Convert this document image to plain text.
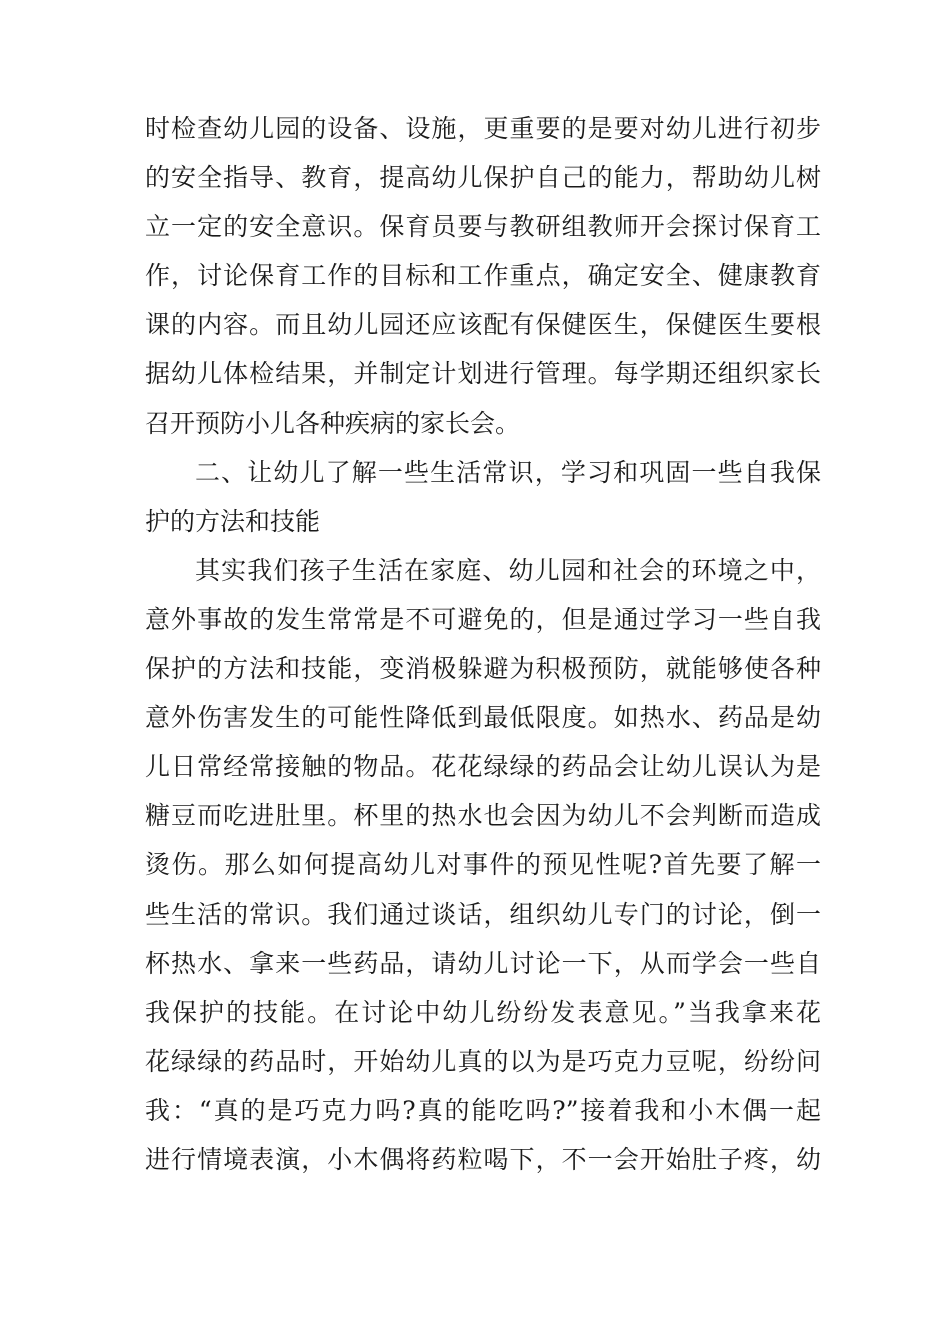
时检查幼儿园的设备、设施，更重要的是要对幼儿进行初步
的安全指导、教育，提高幼儿保护自己的能力，帮助幼儿树
立一定的安全意识。保育员要与教研组教师开会探讨保育工
作，讨论保育工作的目标和工作重点，确定安全、健康教育
课的内容。而且幼儿园还应该配有保健医生，保健医生要根
据幼儿体检结果，并制定计划进行管理。每学期还组织家长
召开预防小儿各种疾病的家长会。
二、让幼儿了解一些生活常识，学习和巩固一些自我保
护的方法和技能
其实我们孩子生活在家庭、幼儿园和社会的环境之中，
意外事故的发生常常是不可避免的，但是通过学习一些自我
保护的方法和技能，变消极躲避为积极预防，就能够使各种
意外伤害发生的可能性降低到最低限度。如热水、药品是幼
儿日常经常接触的物品。花花绿绿的药品会让幼儿误认为是
糖豆而吃进肚里。杯里的热水也会因为幼儿不会判断而造成
烫伤。那么如何提高幼儿对事件的预见性呢?首先要了解一
些生活的常识。我们通过谈话，组织幼儿专门的讨论，倒一
杯热水、拿来一些药品，请幼儿讨论一下，从而学会一些自
我保护的技能。在讨论中幼儿纷纷发表意见。”当我拿来花
花绿绿的药品时，开始幼儿真的以为是巧克力豆呢，纷纷问
我：“真的是巧克力吗?真的能吃吗?”接着我和小木偶一起
进行情境表演，小木偶将药粒喝下，不一会开始肚子疼，幼
